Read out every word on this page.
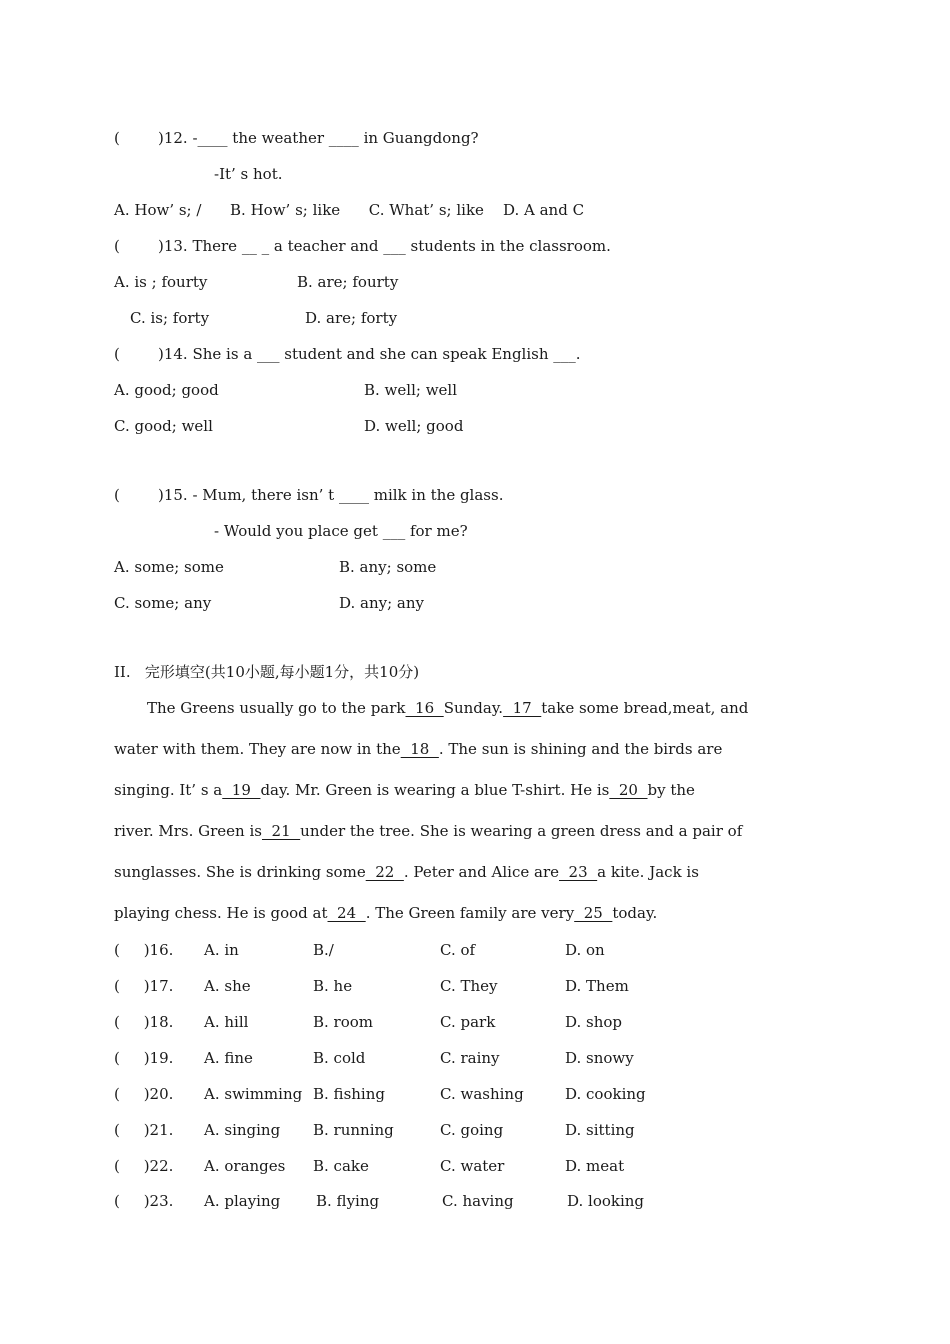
(        )12. -____ the weather ____ in Guangdong?
-It’ s hot.
A. How’ s; /      B. How’ s; like      C. What’ s; like    D. A and C
(        )13. There __ _ a teacher and ___ students in the classroom.
A. is ; fourty	B. are; fourty
C. is; forty	D. are; forty
(        )14. She is a ___ student and she can speak English ___.
A. good; good	B. well; well
C. good; well	D. well; good
(        )15. - Mum, there isn’ t ____ milk in the glass.
- Would you place get ___ for me?
A. some; some	B. any; some
C. some; any	D. any; any
II.   完形填空(共10小题,每小题1分，共10分)
The Greens usually go to the park  16  Sunday.  17  take some bread,meat, and
water with them. They are now in the  18  . The sun is shining and the birds are
singing. It’ s a  19  day. Mr. Green is wearing a blue T-shirt. He is  20  by the
river. Mrs. Green is  21  under the tree. She is wearing a green dress and a pair of
sunglasses. She is drinking some  22  . Peter and Alice are  23  a kite. Jack is
playing chess. He is good at  24  . The Green family are very  25  today.
(     )16. A. in	B./	C. of	D. on
(     )17. A. she	B. he	C. They	D. Them
(     )18. A. hill	B. room	C. park	D. shop
(     )19. A. fine	B. cold	C. rainy	D. snowy
(     )20. A. swimming B. fishing	C. washing	D. cooking
(     )21. A. singing B. running	C. going	D. sitting
(     )22. A. oranges B. cake	C. water	D. meat
(     )23. A. playing B. flying	C. having	D. looking
